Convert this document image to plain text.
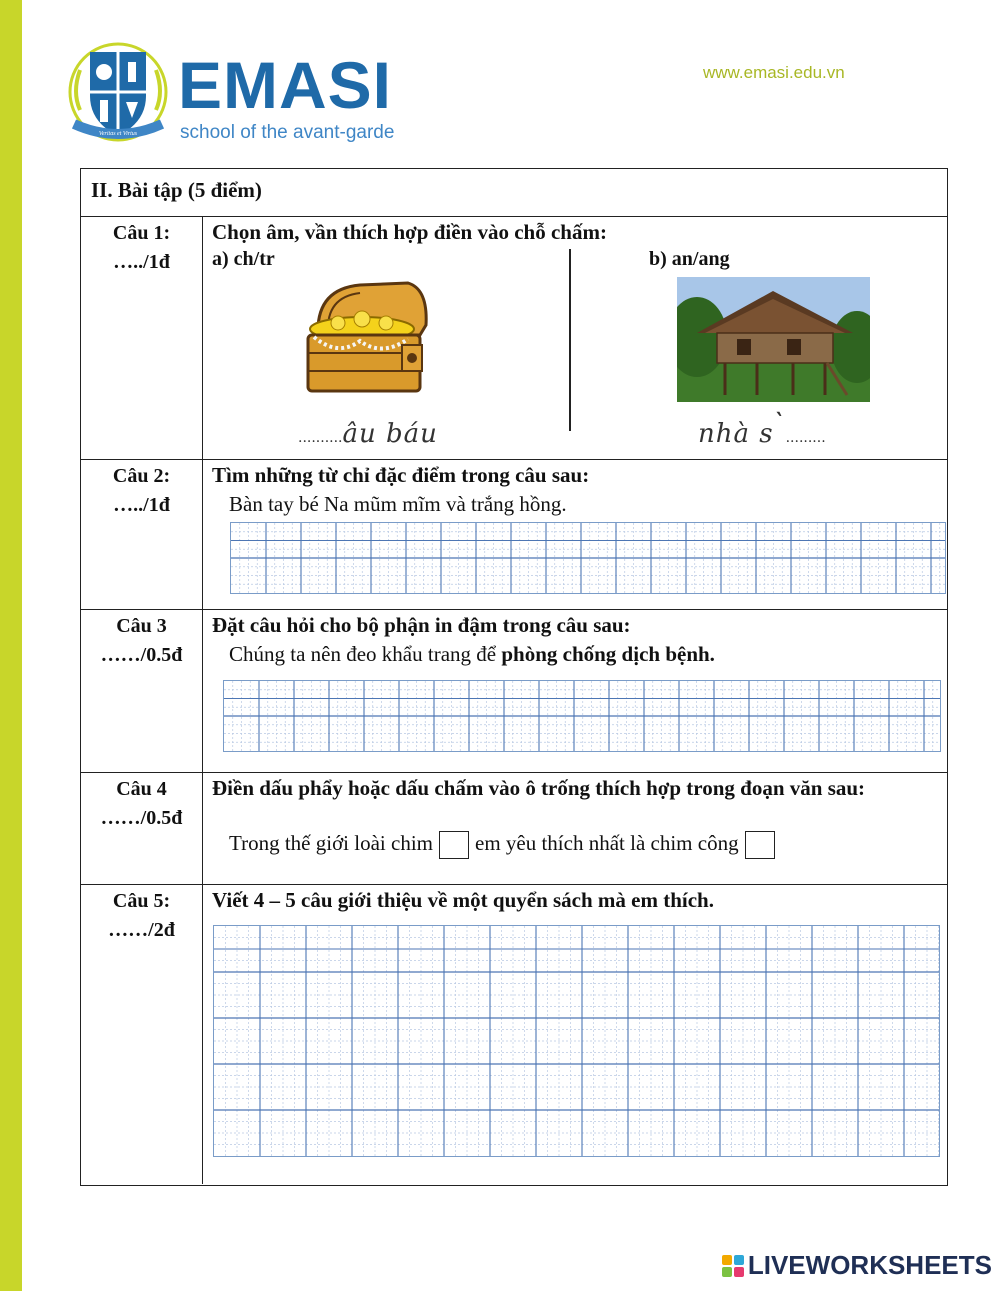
Veritas et Virtus
EMASI
school of the avant-garde
www.emasi.edu.vn
II. Bài tập (5 điểm)
Câu 1:
…../1đ
Chọn âm, vần thích hợp điền vào chỗ chấm:
a) ch/tr	b) an/ang
..........âu báu	nhà s`.........
Câu 2:
…../1đ
Tìm những từ chỉ đặc điểm trong câu sau:
Bàn tay bé Na mũm mĩm và trắng hồng.
Câu 3
……/0.5đ
Đặt câu hỏi cho bộ phận in đậm trong câu sau:
Chúng ta nên đeo khẩu trang để phòng chống dịch bệnh.
Câu 4
……/0.5đ
Điền dấu phẩy hoặc dấu chấm vào ô trống thích hợp trong đoạn văn sau:
Trong thế giới loài chim em yêu thích nhất là chim công
Câu 5:
……/2đ
Viết 4 – 5 câu giới thiệu về một quyển sách mà em thích.
LIVEWORKSHEETS
